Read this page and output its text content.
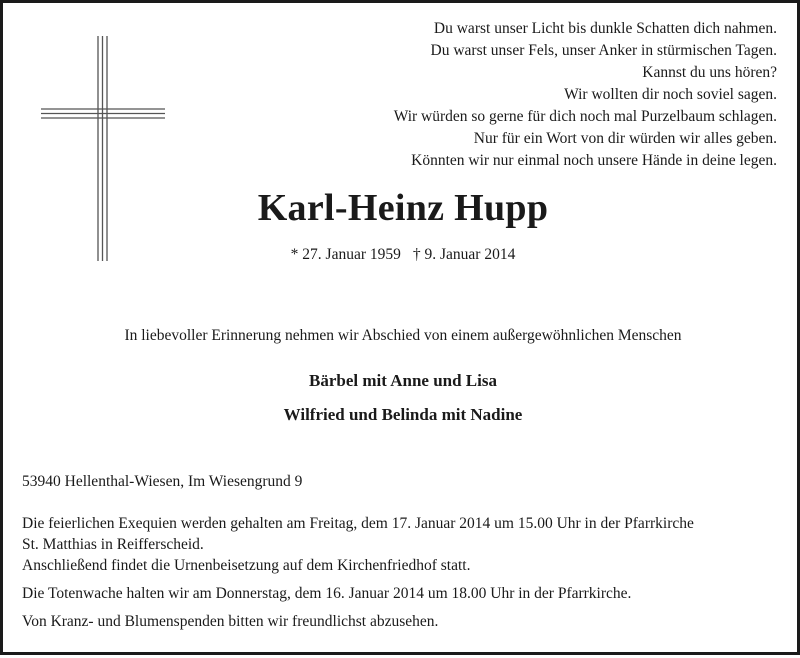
Du warst unser Licht bis dunkle Schatten dich nahmen.
Du warst unser Fels, unser Anker in stürmischen Tagen.
Kannst du uns hören?
Wir wollten dir noch soviel sagen.
Wir würden so gerne für dich noch mal Purzelbaum schlagen.
Nur für ein Wort von dir würden wir alles geben.
Könnten wir nur einmal noch unsere Hände in deine legen.
Karl-Heinz Hupp
* 27. Januar 1959 † 9. Januar 2014
In liebevoller Erinnerung nehmen wir Abschied von einem außergewöhnlichen Menschen
Bärbel mit Anne und Lisa
Wilfried und Belinda mit Nadine
53940 Hellenthal-Wiesen, Im Wiesengrund 9

Die feierlichen Exequien werden gehalten am Freitag, dem 17. Januar 2014 um 15.00 Uhr in der Pfarrkirche
St. Matthias in Reifferscheid.
Anschließend findet die Urnenbeisetzung auf dem Kirchenfriedhof statt.

Die Totenwache halten wir am Donnerstag, dem 16. Januar 2014 um 18.00 Uhr in der Pfarrkirche.

Von Kranz- und Blumenspenden bitten wir freundlichst abzusehen.
